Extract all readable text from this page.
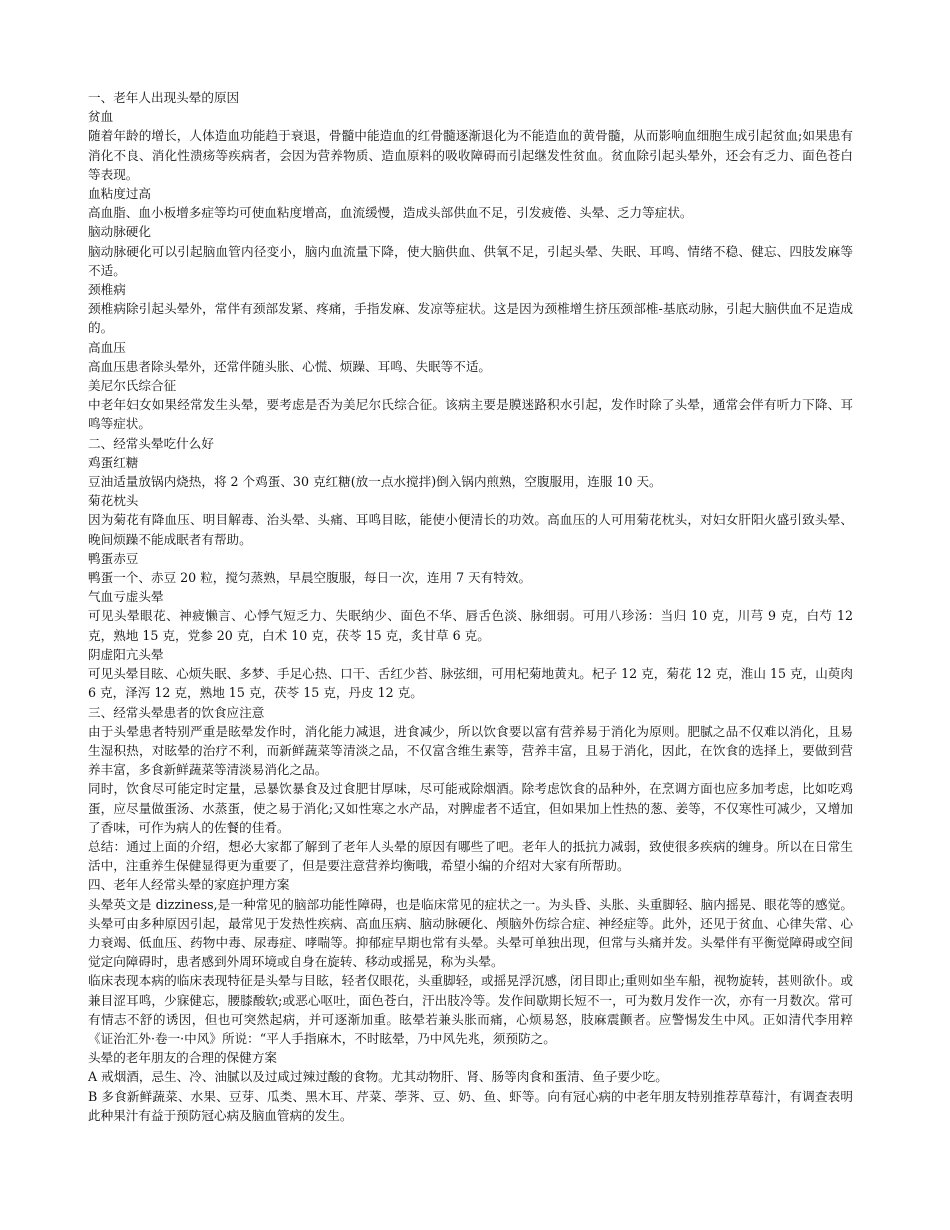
一、老年人出现头晕的原因
贫血
随着年龄的增长，人体造血功能趋于衰退，骨髓中能造血的红骨髓逐渐退化为不能造血的黄骨髓，从而影响血细胞生成引起贫血;如果患有消化不良、消化性溃疡等疾病者，会因为营养物质、造血原料的吸收障碍而引起继发性贫血。贫血除引起头晕外，还会有乏力、面色苍白等表现。
血粘度过高
高血脂、血小板增多症等均可使血粘度增高，血流缓慢，造成头部供血不足，引发疲倦、头晕、乏力等症状。
脑动脉硬化
脑动脉硬化可以引起脑血管内径变小，脑内血流量下降，使大脑供血、供氧不足，引起头晕、失眠、耳鸣、情绪不稳、健忘、四肢发麻等不适。
颈椎病
颈椎病除引起头晕外，常伴有颈部发紧、疼痛，手指发麻、发凉等症状。这是因为颈椎增生挤压颈部椎-基底动脉，引起大脑供血不足造成的。
高血压
高血压患者除头晕外，还常伴随头胀、心慌、烦躁、耳鸣、失眠等不适。
美尼尔氏综合征
中老年妇女如果经常发生头晕，要考虑是否为美尼尔氏综合征。该病主要是膜迷路积水引起，发作时除了头晕，通常会伴有听力下降、耳鸣等症状。
二、经常头晕吃什么好
鸡蛋红糖
豆油适量放锅内烧热，将 2 个鸡蛋、30 克红糖(放一点水搅拌)倒入锅内煎熟，空腹服用，连服 10 天。
菊花枕头
因为菊花有降血压、明目解毒、治头晕、头痛、耳鸣目眩，能使小便清长的功效。高血压的人可用菊花枕头，对妇女肝阳火盛引致头晕、晚间烦躁不能成眠者有帮助。
鸭蛋赤豆
鸭蛋一个、赤豆 20 粒，搅匀蒸熟，早晨空腹服，每日一次，连用 7 天有特效。
气血亏虚头晕
可见头晕眼花、神疲懒言、心悸气短乏力、失眠纳少、面色不华、唇舌色淡、脉细弱。可用八珍汤：当归 10 克，川芎 9 克，白芍 12 克，熟地 15 克，党参 20 克，白术 10 克，茯苓 15 克，炙甘草 6 克。
阴虚阳亢头晕
可见头晕目眩、心烦失眠、多梦、手足心热、口干、舌红少苔、脉弦细，可用杞菊地黄丸。杞子 12 克，菊花 12 克，淮山 15 克，山萸肉 6 克，泽泻 12 克，熟地 15 克，茯苓 15 克，丹皮 12 克。
三、经常头晕患者的饮食应注意
由于头晕患者特别严重是眩晕发作时，消化能力减退，进食减少，所以饮食要以富有营养易于消化为原则。肥腻之品不仅难以消化，且易生湿积热，对眩晕的治疗不利，而新鲜蔬菜等清淡之品，不仅富含维生素等，营养丰富，且易于消化，因此，在饮食的选择上，要做到营养丰富，多食新鲜蔬菜等清淡易消化之品。
同时，饮食尽可能定时定量，忌暴饮暴食及过食肥甘厚味，尽可能戒除烟酒。除考虑饮食的品种外，在烹调方面也应多加考虑，比如吃鸡蛋，应尽量做蛋汤、水蒸蛋，使之易于消化;又如性寒之水产品，对脾虚者不适宜，但如果加上性热的葱、姜等，不仅寒性可减少，又增加了香味，可作为病人的佐餐的佳肴。
总结：通过上面的介绍，想必大家都了解到了老年人头晕的原因有哪些了吧。老年人的抵抗力减弱，致使很多疾病的缠身。所以在日常生活中，注重养生保健显得更为重要了，但是要注意营养均衡哦，希望小编的介绍对大家有所帮助。
四、老年人经常头晕的家庭护理方案
头晕英文是 dizziness,是一种常见的脑部功能性障碍，也是临床常见的症状之一。为头昏、头胀、头重脚轻、脑内摇晃、眼花等的感觉。头晕可由多种原因引起，最常见于发热性疾病、高血压病、脑动脉硬化、颅脑外伤综合症、神经症等。此外，还见于贫血、心律失常、心力衰竭、低血压、药物中毒、尿毒症、哮喘等。抑郁症早期也常有头晕。头晕可单独出现，但常与头痛并发。头晕伴有平衡觉障碍或空间觉定向障碍时，患者感到外周环境或自身在旋转、移动或摇晃，称为头晕。
临床表现本病的临床表现特征是头晕与目眩，轻者仅眼花，头重脚轻，或摇晃浮沉感，闭目即止;重则如坐车船，视物旋转，甚则欲仆。或兼目涩耳鸣，少寐健忘，腰膝酸软;或恶心呕吐，面色苍白，汗出肢冷等。发作间歇期长短不一，可为数月发作一次，亦有一月数次。常可有情志不舒的诱因，但也可突然起病，并可逐渐加重。眩晕若兼头胀而痛，心烦易怒，肢麻震颤者。应警惕发生中风。正如清代李用粹《证治汇外·卷一·中风》所说：“平人手指麻木，不时眩晕，乃中风先兆，须预防之。
头晕的老年朋友的合理的保健方案
A 戒烟酒，忌生、冷、油腻以及过咸过辣过酸的食物。尤其动物肝、肾、肠等肉食和蛋清、鱼子要少吃。
B 多食新鲜蔬菜、水果、豆芽、瓜类、黑木耳、芹菜、荸荠、豆、奶、鱼、虾等。向有冠心病的中老年朋友特别推荐草莓汁，有调查表明此种果汁有益于预防冠心病及脑血管病的发生。
